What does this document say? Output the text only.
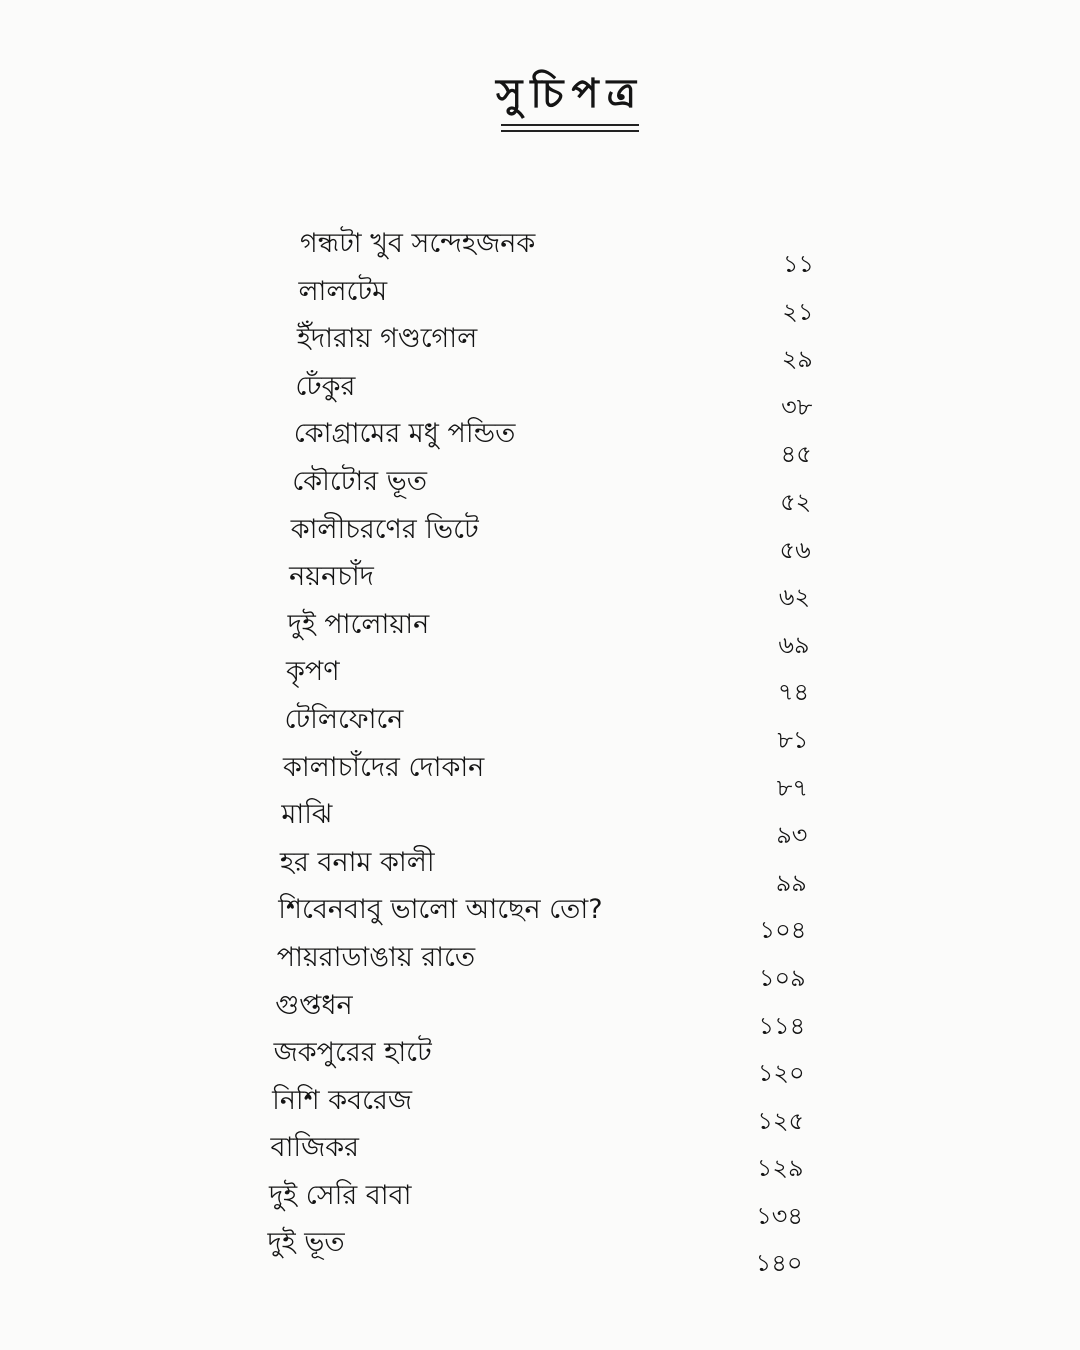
সুচিপত্র
গন্ধটা খুব সন্দেহজনক
১১
লালটেম
২১
ইঁদারায় গণ্ডগোল
২৯
ঢেঁকুর
৩৮
কোগ্রামের মধু পন্ডিত
৪৫
কৌটোর ভূত
৫২
কালীচরণের ভিটে
৫৬
নয়নচাঁদ
৬২
দুই পালোয়ান
৬৯
কৃপণ
৭৪
টেলিফোনে
৮১
কালাচাঁদের দোকান
৮৭
মাঝি
৯৩
হর বনাম কালী
৯৯
শিবেনবাবু ভালো আছেন তো?
১০৪
পায়রাডাঙায় রাতে
১০৯
গুপ্তধন
১১৪
জকপুরের হাটে
১২০
নিশি কবরেজ
১২৫
বাজিকর
১২৯
দুই সেরি বাবা
১৩৪
দুই ভূত
১৪০
